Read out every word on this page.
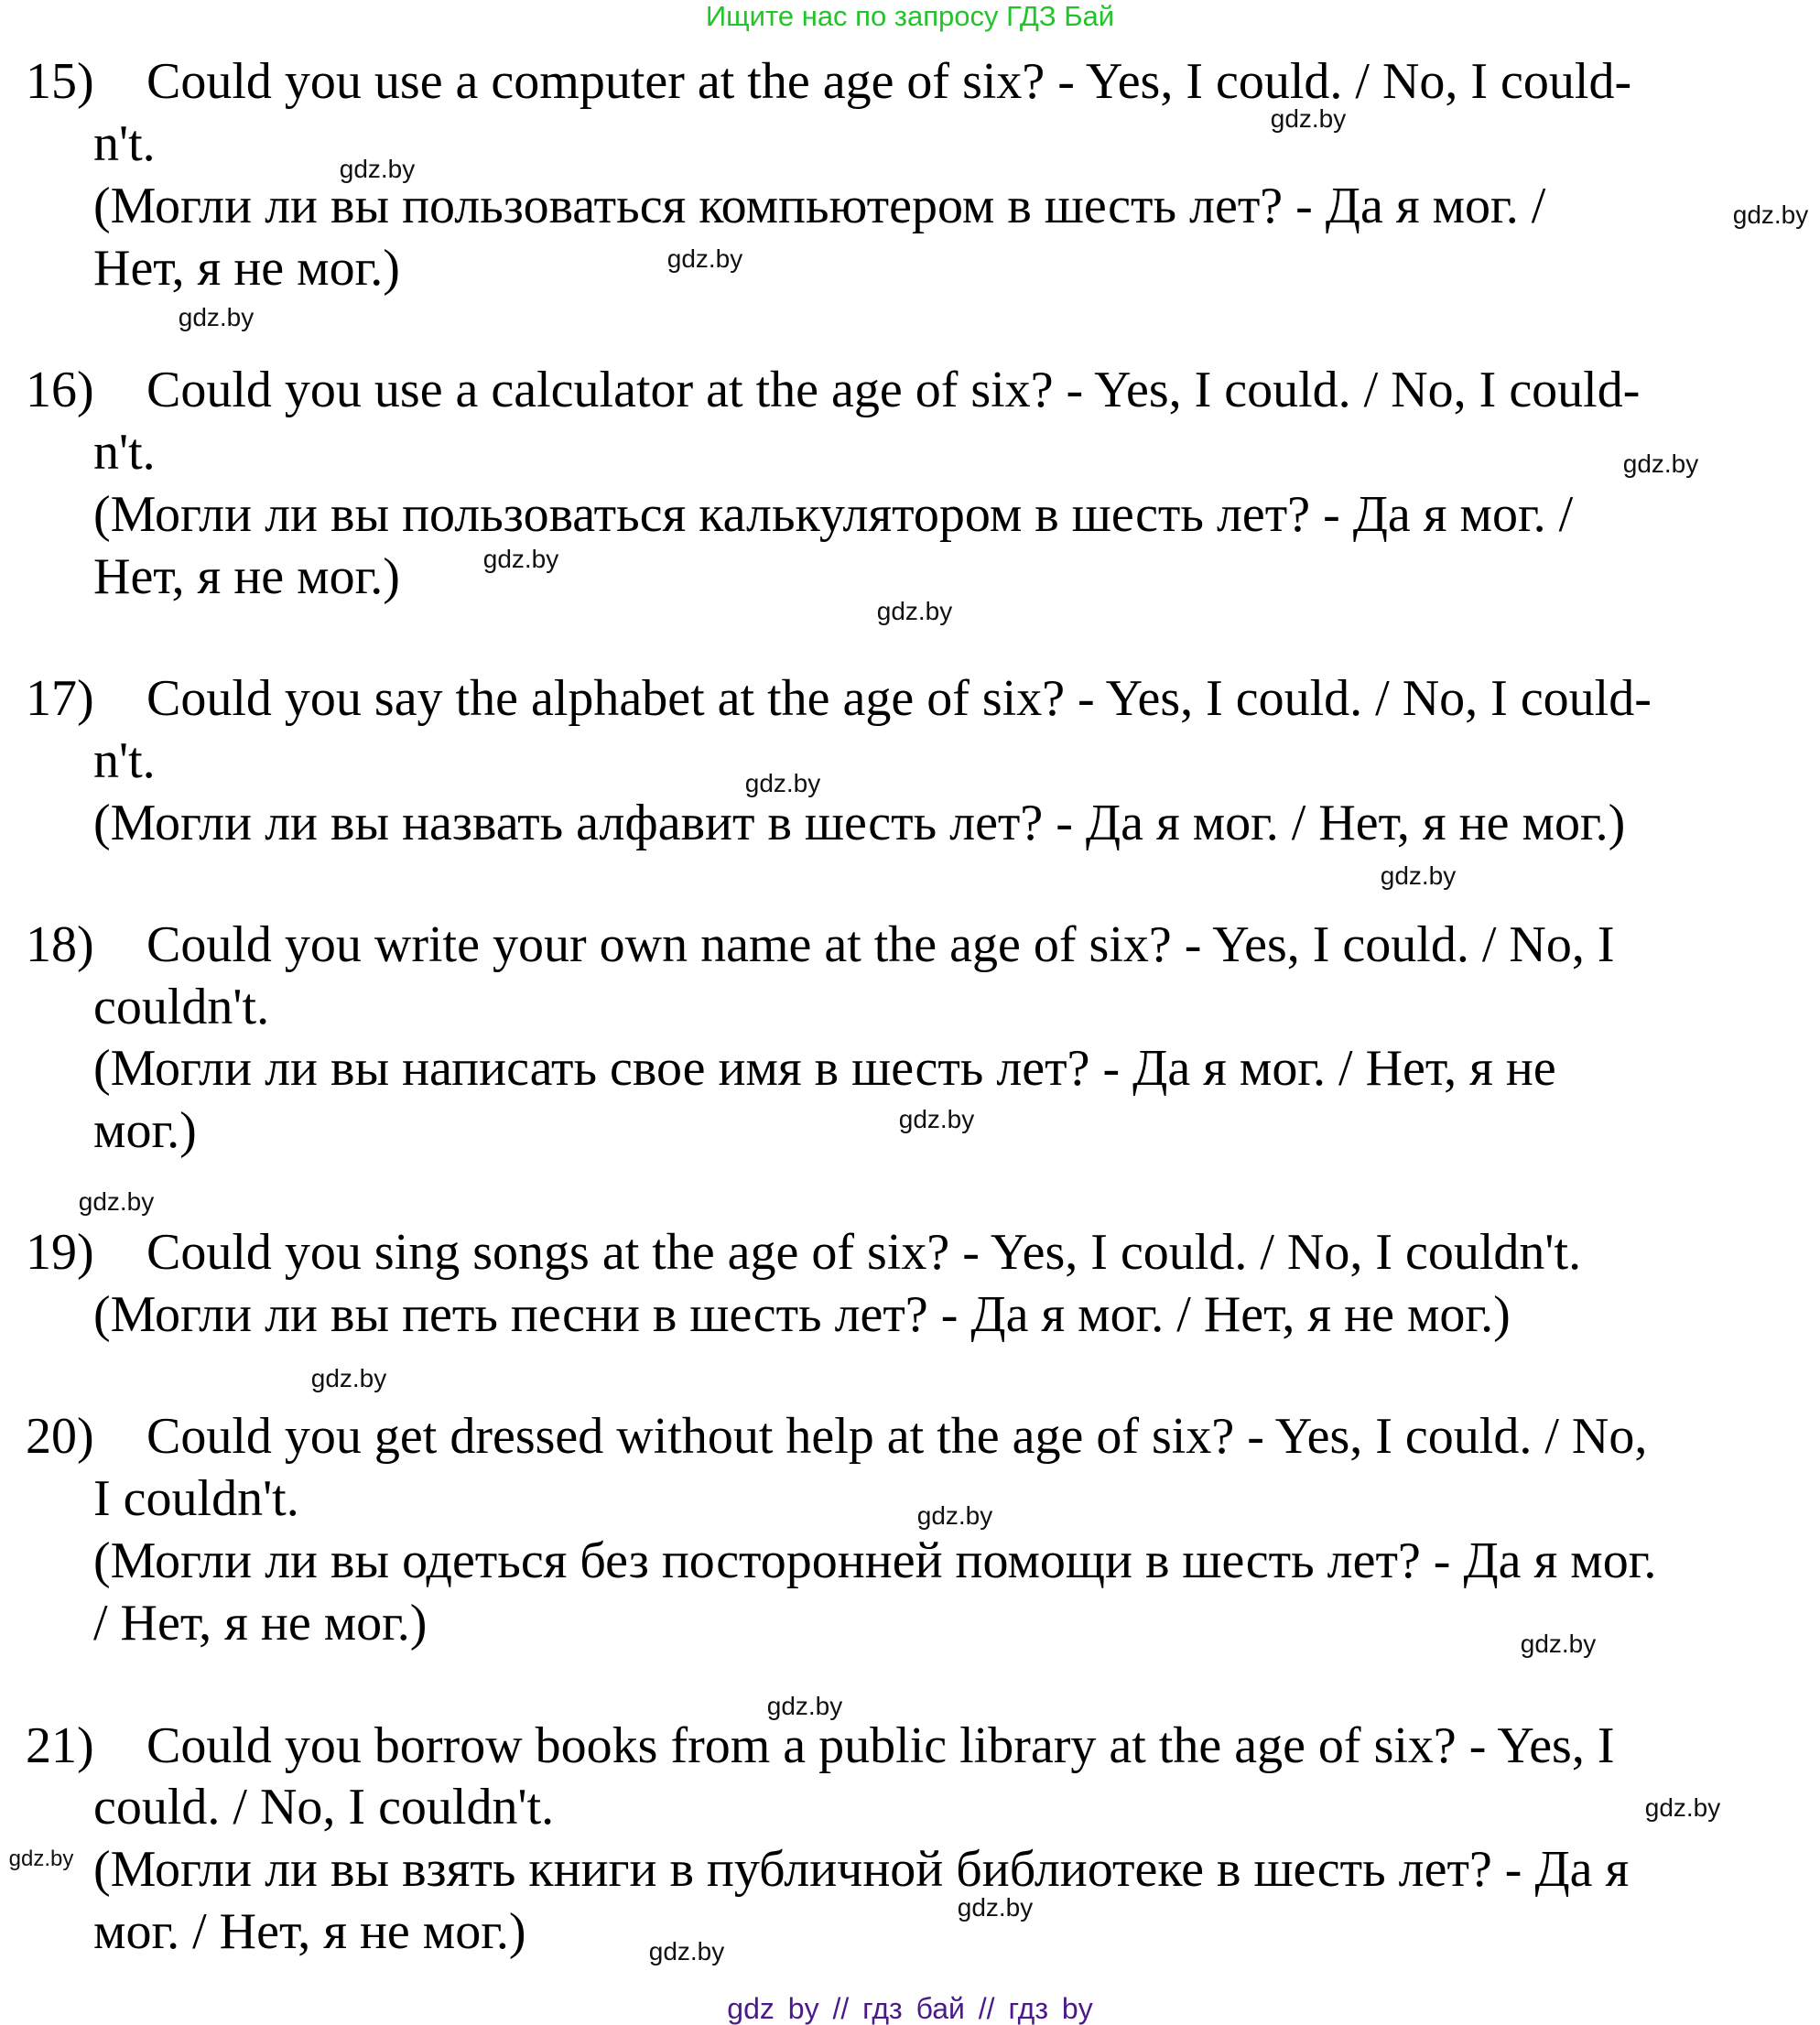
Ищите нас по запросу ГДЗ Бай
15) Could you use a computer at the age of six? - Yes, I could. / No, I could-
n't.
(Могли ли вы пользоваться компьютером в шесть лет? - Да я мог. /
Нет, я не мог.)
16) Could you use a calculator at the age of six? - Yes, I could. / No, I could-
n't.
(Могли ли вы пользоваться калькулятором в шесть лет? - Да я мог. /
Нет, я не мог.)
17) Could you say the alphabet at the age of six? - Yes, I could. / No, I could-
n't.
(Могли ли вы назвать алфавит в шесть лет? - Да я мог. / Нет, я не мог.)
18) Could you write your own name at the age of six? - Yes, I could. / No, I
couldn't.
(Могли ли вы написать свое имя в шесть лет? - Да я мог. / Нет, я не
мог.)
19) Could you sing songs at the age of six? - Yes, I could. / No, I couldn't.
(Могли ли вы петь песни в шесть лет? - Да я мог. / Нет, я не мог.)
20) Could you get dressed without help at the age of six? - Yes, I could. / No,
I couldn't.
(Могли ли вы одеться без посторонней помощи в шесть лет? - Да я мог.
/ Нет, я не мог.)
21) Could you borrow books from a public library at the age of six? - Yes, I
could. / No, I couldn't.
(Могли ли вы взять книги в публичной библиотеке в шесть лет? - Да я
мог. / Нет, я не мог.)
gdz.by
gdz.by
gdz.by
gdz.by
gdz.by
gdz.by
gdz.by
gdz.by
gdz.by
gdz.by
gdz.by
gdz.by
gdz.by
gdz.by
gdz.by
gdz.by
gdz.by
gdz.by
gdz.by
gdz.by
gdz by // гдз бай // гдз by
